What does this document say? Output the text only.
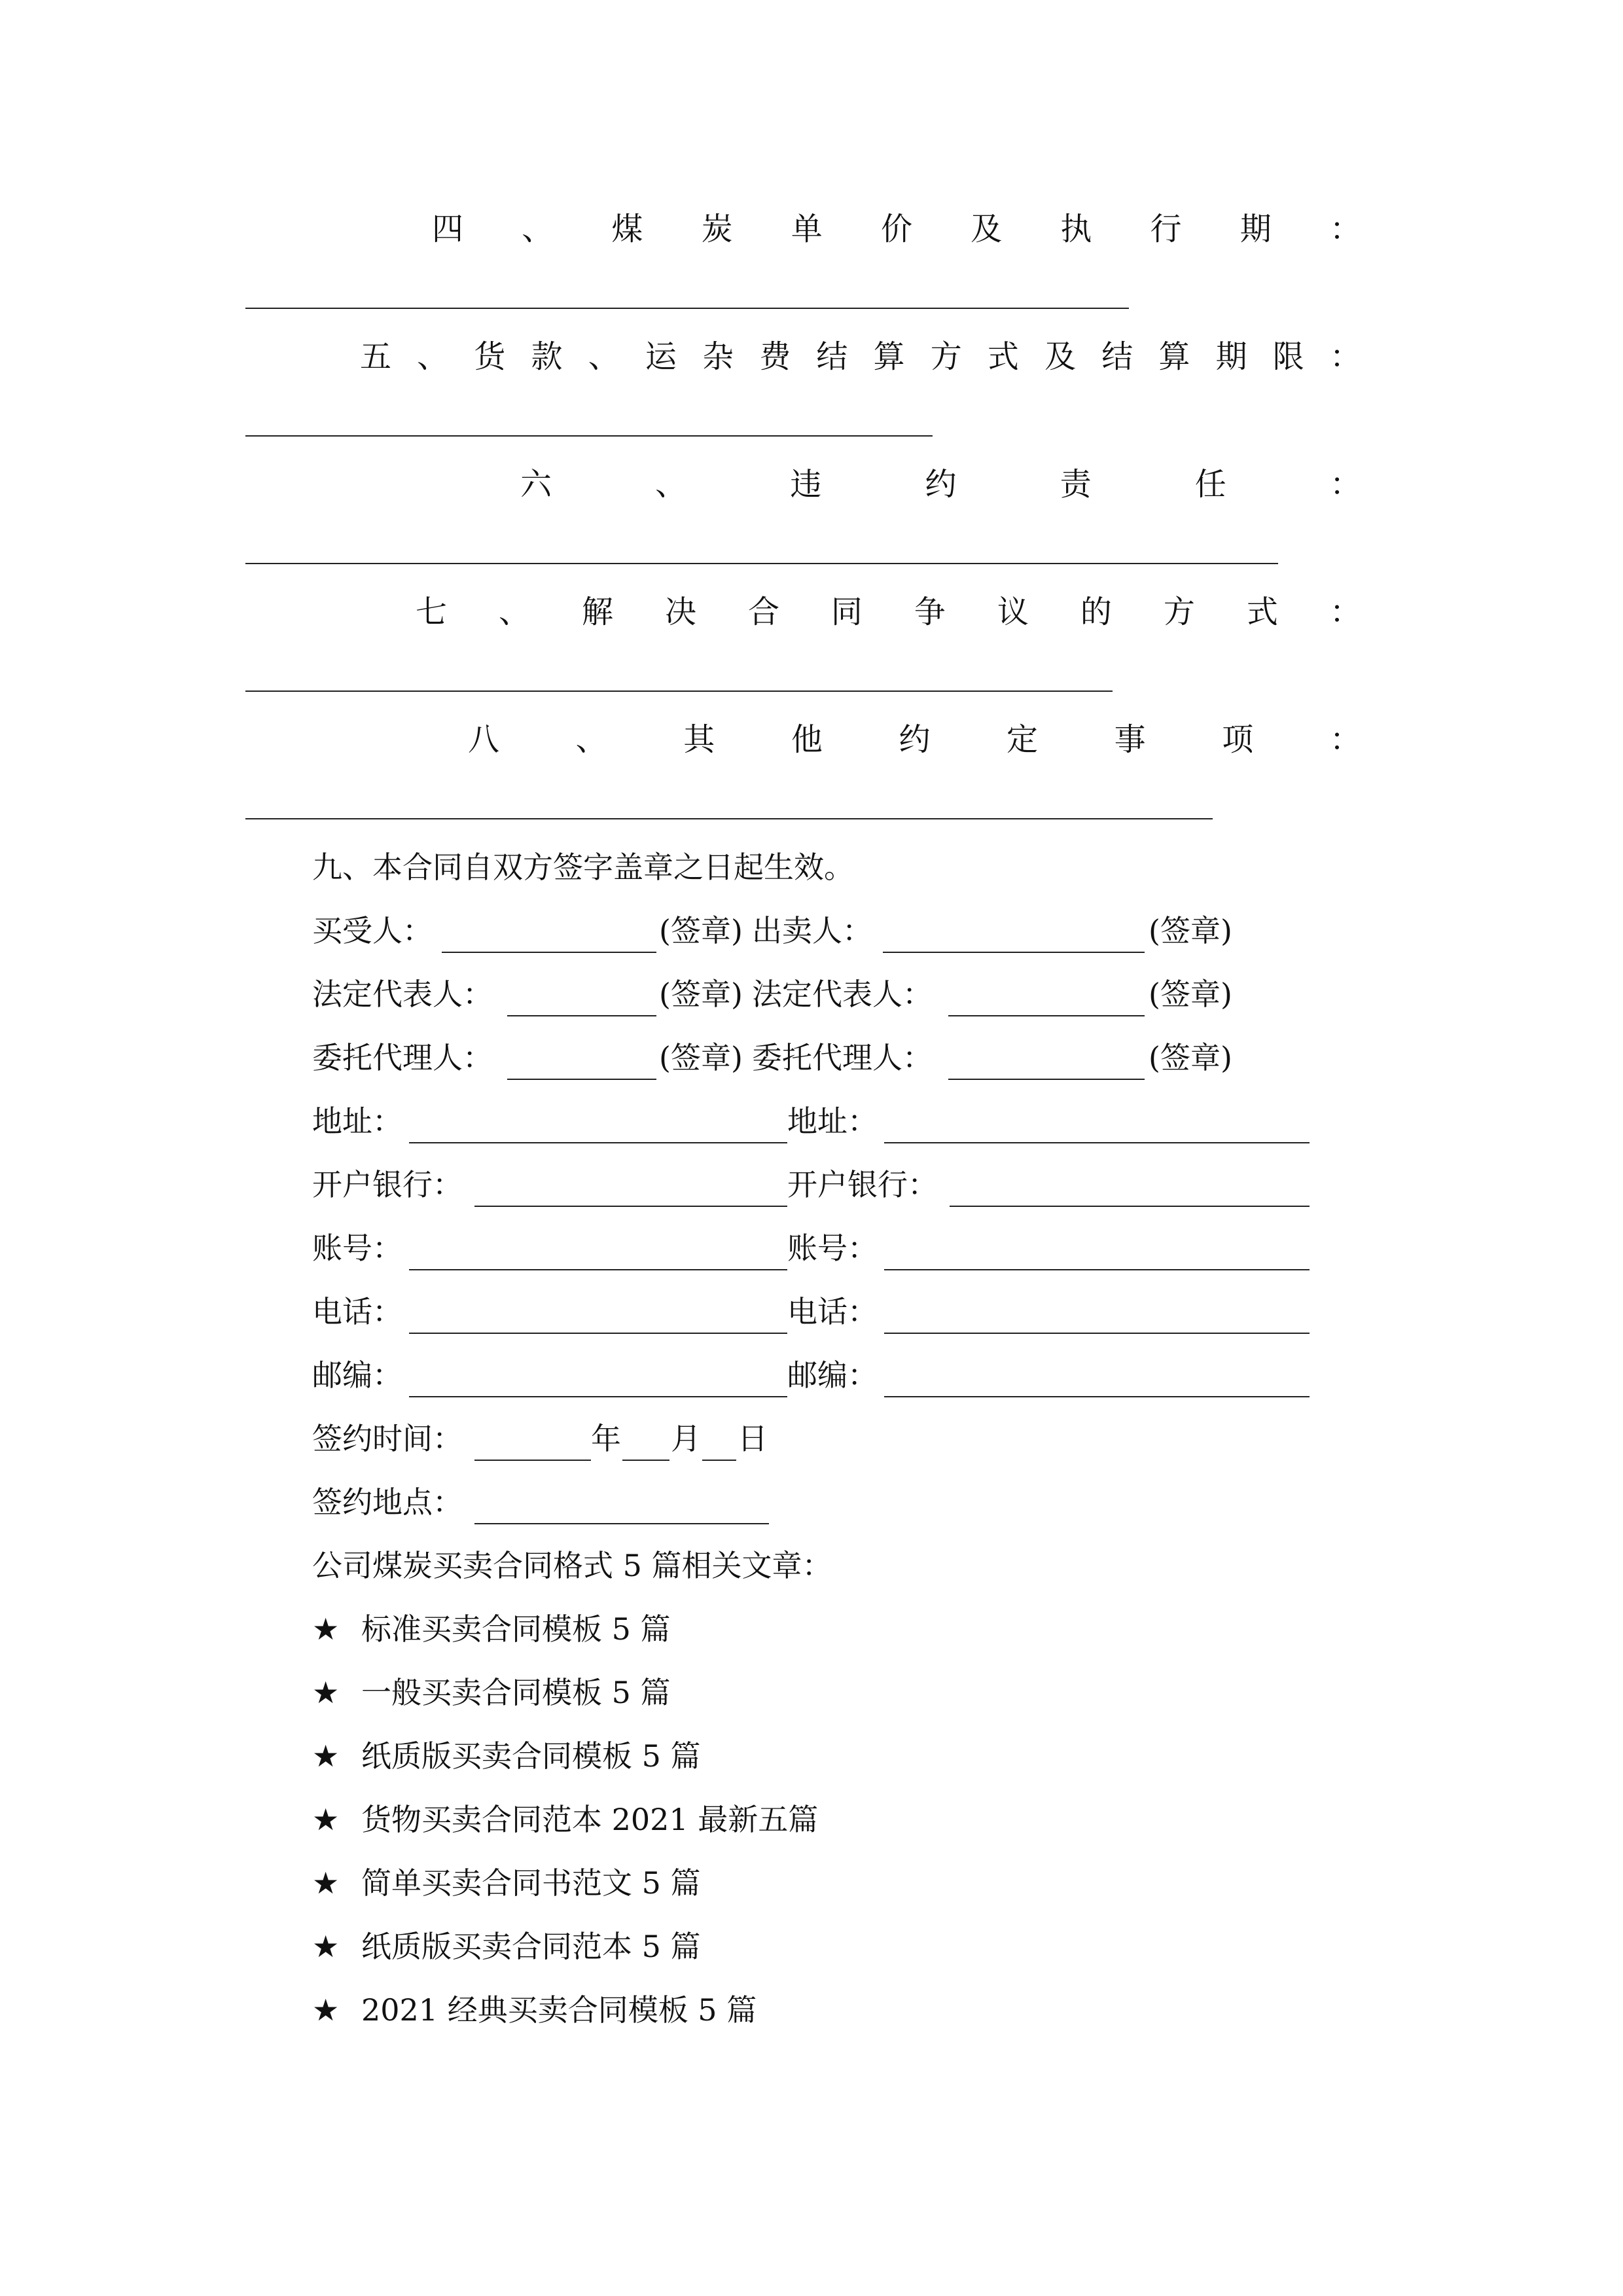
四 、 煤 炭 单 价 及 执 行 期 ：
五 、 货 款 、 运 杂 费 结 算 方 式 及 结 算 期 限 ：
六	、	违	约	责	任	：
七 、 解 决 合 同 争 议 的 方 式 ：
八 、 其 他 约 定 事 项 ：
九、本合同自双方签字盖章之日起生效。
买受人：	(签章) 出卖人：	(签章)
法定代表人：	(签章) 法定代表人：	(签章)
委托代理人：	(签章) 委托代理人：	(签章)
地址：	地址：
开户银行：	开户银行：
账号：	账号：
电话：	电话：
邮编：	邮编：
签约时间：	年 月 日
签约地点：
公司煤炭买卖合同格式 5 篇相关文章：
★ 标准买卖合同模板 5 篇
★ 一般买卖合同模板 5 篇
★ 纸质版买卖合同模板 5 篇
★ 货物买卖合同范本 2021 最新五篇
★ 简单买卖合同书范文 5 篇
★ 纸质版买卖合同范本 5 篇
★ 2021 经典买卖合同模板 5 篇
